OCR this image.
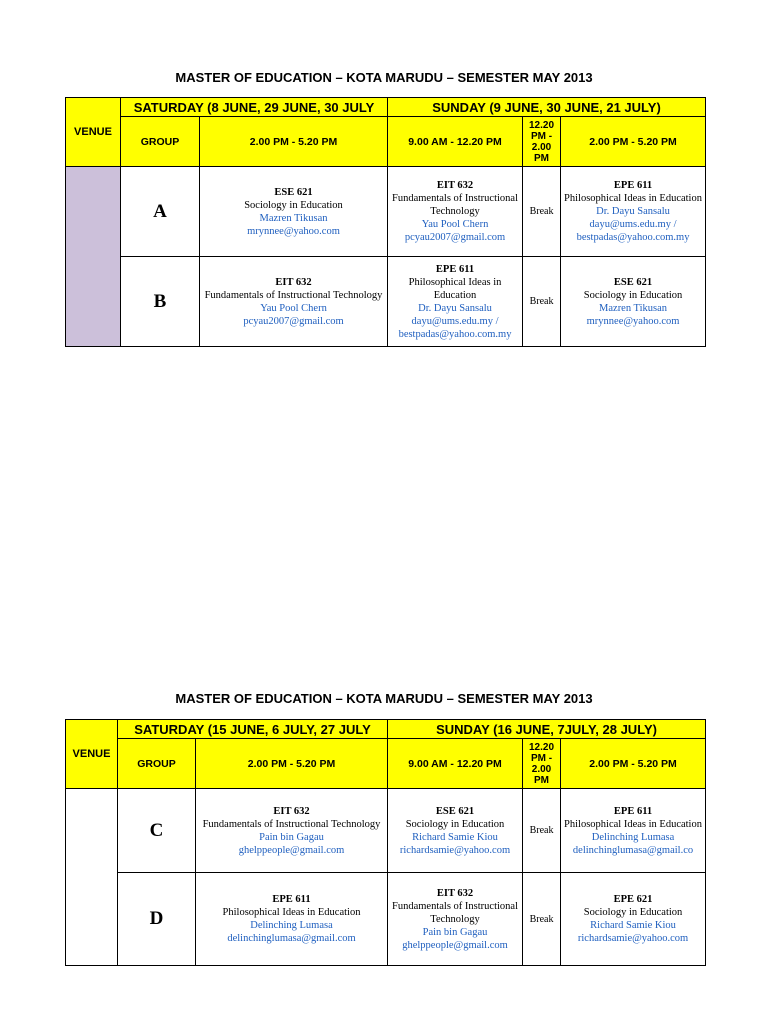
MASTER OF EDUCATION – KOTA MARUDU – SEMESTER MAY 2013
VENUE	SATURDAY (8 JUNE, 29 JUNE, 30 JULY		SUNDAY (9 JUNE, 30 JUNE, 21 JULY)		
	GROUP	2.00 PM - 5.20 PM	9.00 AM - 12.20 PM	12.20 PM - 2.00 PM	2.00 PM - 5.20 PM
	A	ESE 621
Sociology in Education
Mazren Tikusan
mrynnee@yahoo.com	EIT 632
Fundamentals of Instructional Technology
Yau Pool Chern
pcyau2007@gmail.com	Break	EPE 611
Philosophical Ideas in Education
Dr. Dayu Sansalu
dayu@ums.edu.my / bestpadas@yahoo.com.my

	B	EIT 632
Fundamentals of Instructional Technology
Yau Pool Chern
pcyau2007@gmail.com	EPE 611
Philosophical Ideas in Education
Dr. Dayu Sansalu
dayu@ums.edu.my / bestpadas@yahoo.com.my	Break	ESE 621
Sociology in Education
Mazren Tikusan
mrynnee@yahoo.com
MASTER OF EDUCATION – KOTA MARUDU – SEMESTER MAY 2013
VENUE	SATURDAY (15 JUNE, 6 JULY, 27 JULY		SUNDAY (16 JUNE, 7JULY, 28 JULY)		
	GROUP	2.00 PM - 5.20 PM	9.00 AM - 12.20 PM	12.20 PM - 2.00 PM	2.00 PM - 5.20 PM
	C	EIT 632
Fundamentals of Instructional Technology
Pain bin Gagau
ghelppeople@gmail.com	ESE 621
Sociology in Education
Richard Samie Kiou
richardsamie@yahoo.com	Break	EPE 611
Philosophical Ideas in Education
Delinching Lumasa
delinchinglumasa@gmail.co

	D	EPE 611
Philosophical Ideas in Education
Delinching Lumasa
delinchinglumasa@gmail.com	EIT 632
Fundamentals of Instructional Technology
Pain bin Gagau
ghelppeople@gmail.com	Break	EPE 621
Sociology in Education
Richard Samie Kiou
richardsamie@yahoo.com
